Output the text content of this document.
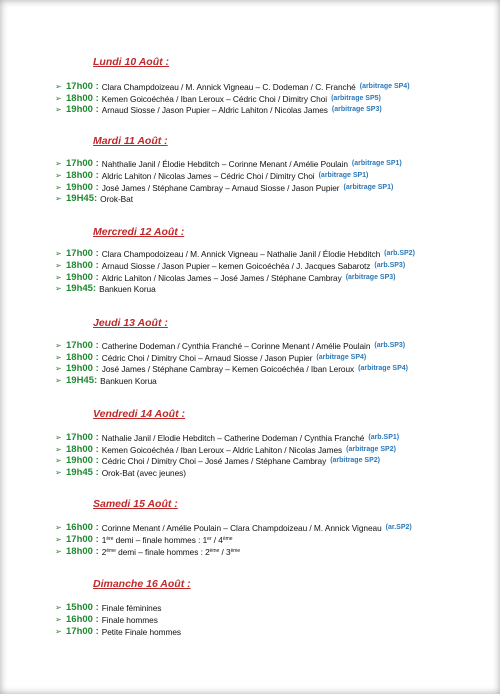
Lundi 10 Août :
➢ 17h00 : Clara Champdoizeau / M. Annick Vigneau – C. Dodeman / C. Franché (arbitrage SP4)
➢ 18h00 : Kemen Goicoéchéa / Iban Leroux – Cédric Choi / Dimitry Choi (arbitrage SP5)
➢ 19h00 : Arnaud Siosse / Jason Pupier – Aldric Lahiton / Nicolas James (arbitrage SP3)
Mardi 11 Août :
➢ 17h00 : Nahthalie Janil / Élodie Hebditch – Corinne Menant / Amélie Poulain (arbitrage SP1)
➢ 18h00 : Aldric Lahiton / Nicolas James – Cédric Choi / Dimitry Choi (arbitrage SP1)
➢ 19h00 : José James / Stéphane Cambray – Arnaud Siosse / Jason Pupier (arbitrage SP1)
➢ 19H45: Orok-Bat
Mercredi 12 Août :
➢ 17h00 : Clara Champodoizeau / M. Annick Vigneau – Nathalie Janil / Élodie Hebditch (arb.SP2)
➢ 18h00 : Arnaud Siosse / Jason Pupier – kemen Goicoéchéa / J. Jacques Sabarotz (arb.SP3)
➢ 19h00 : Aldric Lahiton / Nicolas James – José James / Stéphane Cambray (arbitrage SP3)
➢ 19h45: Bankuen Korua
Jeudi 13 Août :
➢ 17h00 : Catherine Dodeman / Cynthia Franché – Corinne Menant / Amélie Poulain (arb.SP3)
➢ 18h00 : Cédric Choi / Dimitry Choi – Arnaud Siosse / Jason Pupier (arbitrage SP4)
➢ 19h00 : José James / Stéphane Cambray – Kemen Goicoéchéa / Iban Leroux (arbitrage SP4)
➢ 19H45: Bankuen Korua
Vendredi 14 Août :
➢ 17h00 : Nathalie Janil / Elodie Hebditch – Catherine Dodeman / Cynthia Franché (arb.SP1)
➢ 18h00 : Kemen Goicoéchéa / Iban Leroux – Aldric Lahiton / Nicolas James (arbitrage SP2)
➢ 19h00 : Cédric Choi / Dimitry Choi – José James / Stéphane Cambray (arbitrage SP2)
➢ 19h45 : Orok-Bat (avec jeunes)
Samedi 15 Août :
➢ 16h00 : Corinne Menant / Amélie Poulain – Clara Champdoizeau / M. Annick Vigneau (ar.SP2)
➢ 17h00 : 1ère demi – finale hommes : 1er / 4ème
➢ 18h00 : 2ème demi – finale hommes : 2ème / 3ème
Dimanche 16 Août :
➢ 15h00 : Finale féminines
➢ 16h00 : Finale hommes
➢ 17h00 : Petite Finale hommes
